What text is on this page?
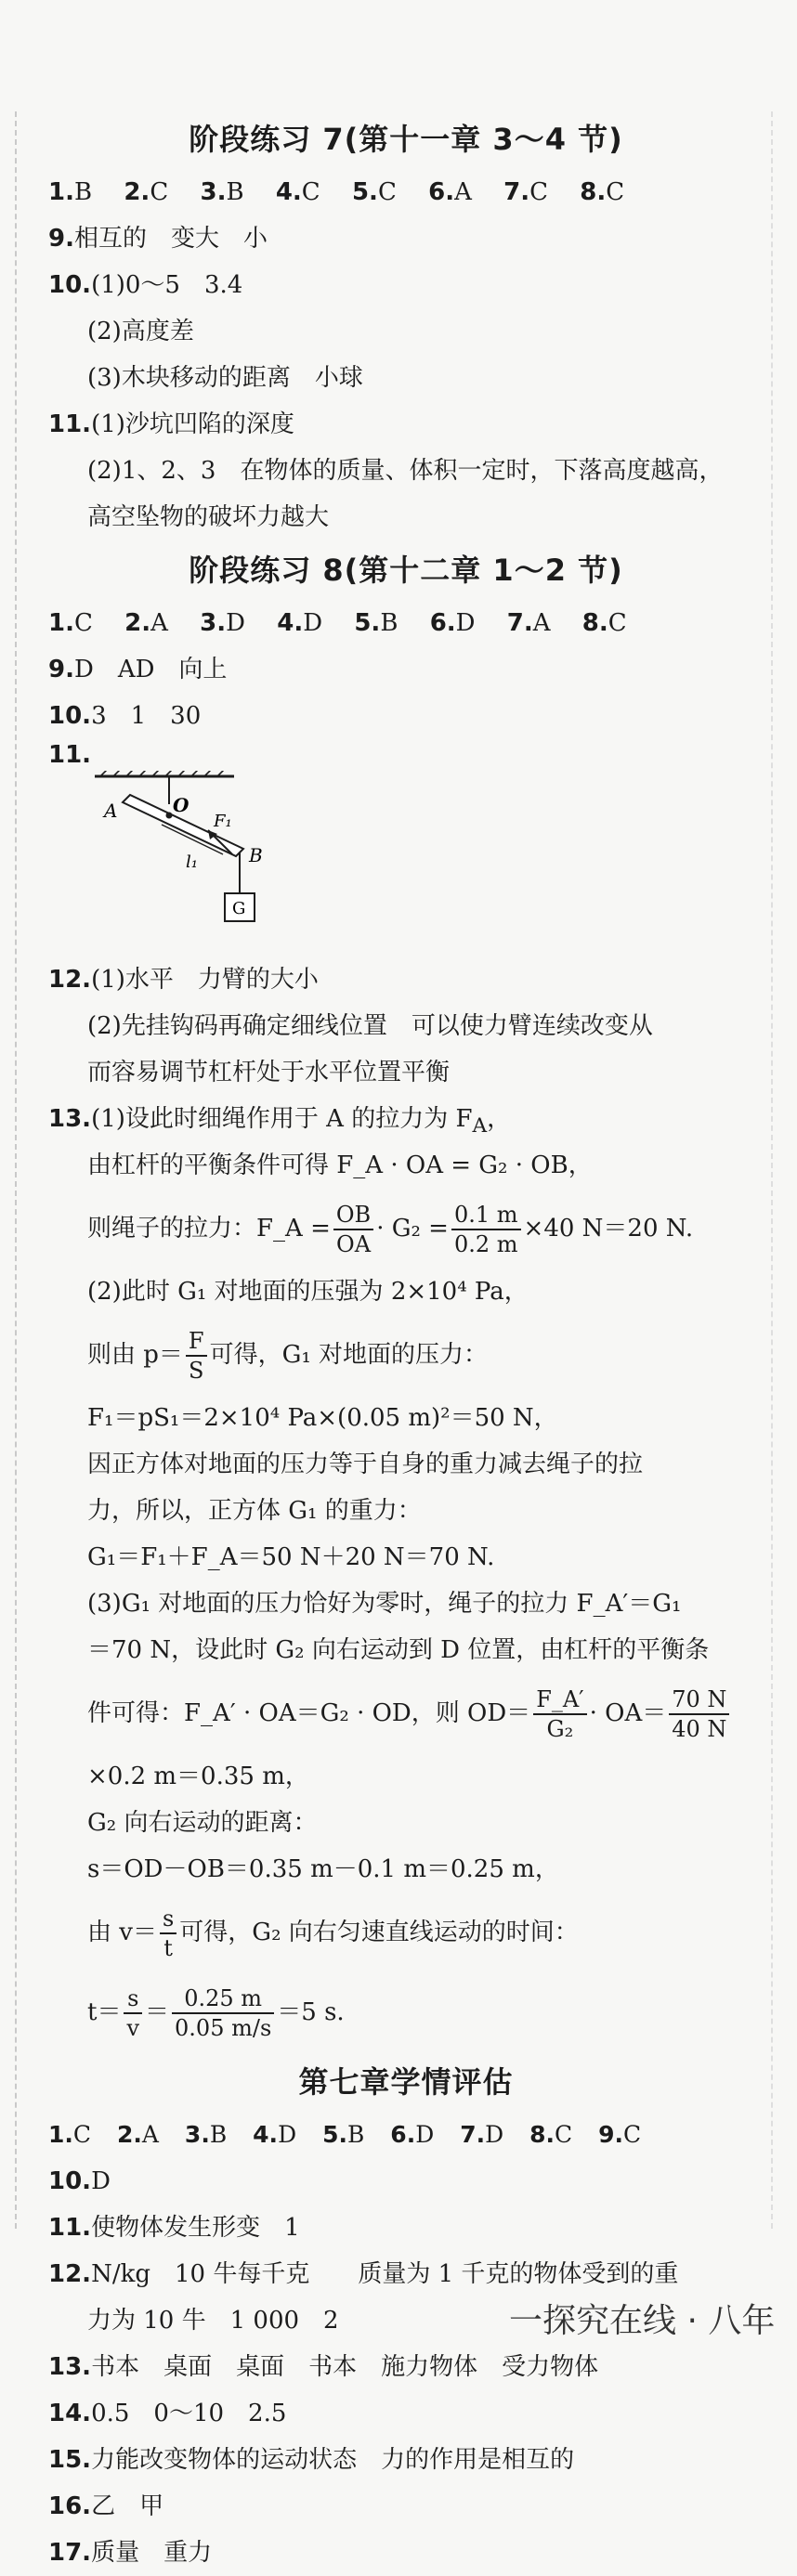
阶段练习 7(第十一章 3～4 节)
1.B 2.C 3.B 4.C 5.C 6.A 7.C 8.C
9.相互的　变大　小
10.(1)0～5　3.4
(2)高度差
(3)木块移动的距离　小球
11.(1)沙坑凹陷的深度
(2)1、2、3　在物体的质量、体积一定时，下落高度越高，
高空坠物的破坏力越大
阶段练习 8(第十二章 1～2 节)
1.C 2.A 3.D 4.D 5.B 6.D 7.A 8.C
9.D　AD　向上
10.3　1　30
11.
A	O
F₁
l₁	B
G
12.(1)水平　力臂的大小
(2)先挂钩码再确定细线位置　可以使力臂连续改变从
而容易调节杠杆处于水平位置平衡
13.(1)设此时细绳作用于 A 的拉力为 $F_A$，
由杠杆的平衡条件可得 F_A · OA = G₂ · OB，
则绳子的拉力：F_A = $\frac{OB}{OA} \cdot G_2 = \frac{0.1 m}{0.2 m} \times 40$ N＝20 N.
(2)此时 G₁ 对地面的压强为 2×10⁴ Pa，
则由 $p= \frac{F}{S}$ 可得，G₁ 对地面的压力：
F₁＝pS₁＝2×10⁴ Pa×(0.05 m)²＝50 N，
因正方体对地面的压力等于自身的重力减去绳子的拉
力，所以，正方体 G₁ 的重力：
G₁＝F₁＋F_A＝50 N＋20 N＝70 N.
(3)G₁ 对地面的压力恰好为零时，绳子的拉力 F_A′＝G₁
＝70 N，设此时 G₂ 向右运动到 D 位置，由杠杆的平衡条
件可得：F_A′ · OA＝G₂ · OD，则 $OD= \frac{F\_A'}{\text{G₂}} \cdot OA= \frac{70 N}{40 N}$
×0.2 m＝0.35 m，
G₂ 向右运动的距离：
s＝OD－OB＝0.35 m－0.1 m＝0.25 m，
由 $v= \frac{s}{t}$ 可得，G₂ 向右匀速直线运动的时间：
$t= \frac{s}{v} = \frac{0.25 m}{0.05 m/s} =5$ s.
第七章学情评估
1.C 2.A 3.B 4.D 5.B 6.D 7.D 8.C 9.C
10.D
11.使物体发生形变　1
12.N/kg　10 牛每千克　　质量为 1 千克的物体受到的重
力为 10 牛　1 000　2
13.书本　桌面　桌面　书本　施力物体　受力物体
14.0.5　0～10　2.5
15.力能改变物体的运动状态　力的作用是相互的
16.乙　甲
17.质量　重力
一探究在线 · 八年
